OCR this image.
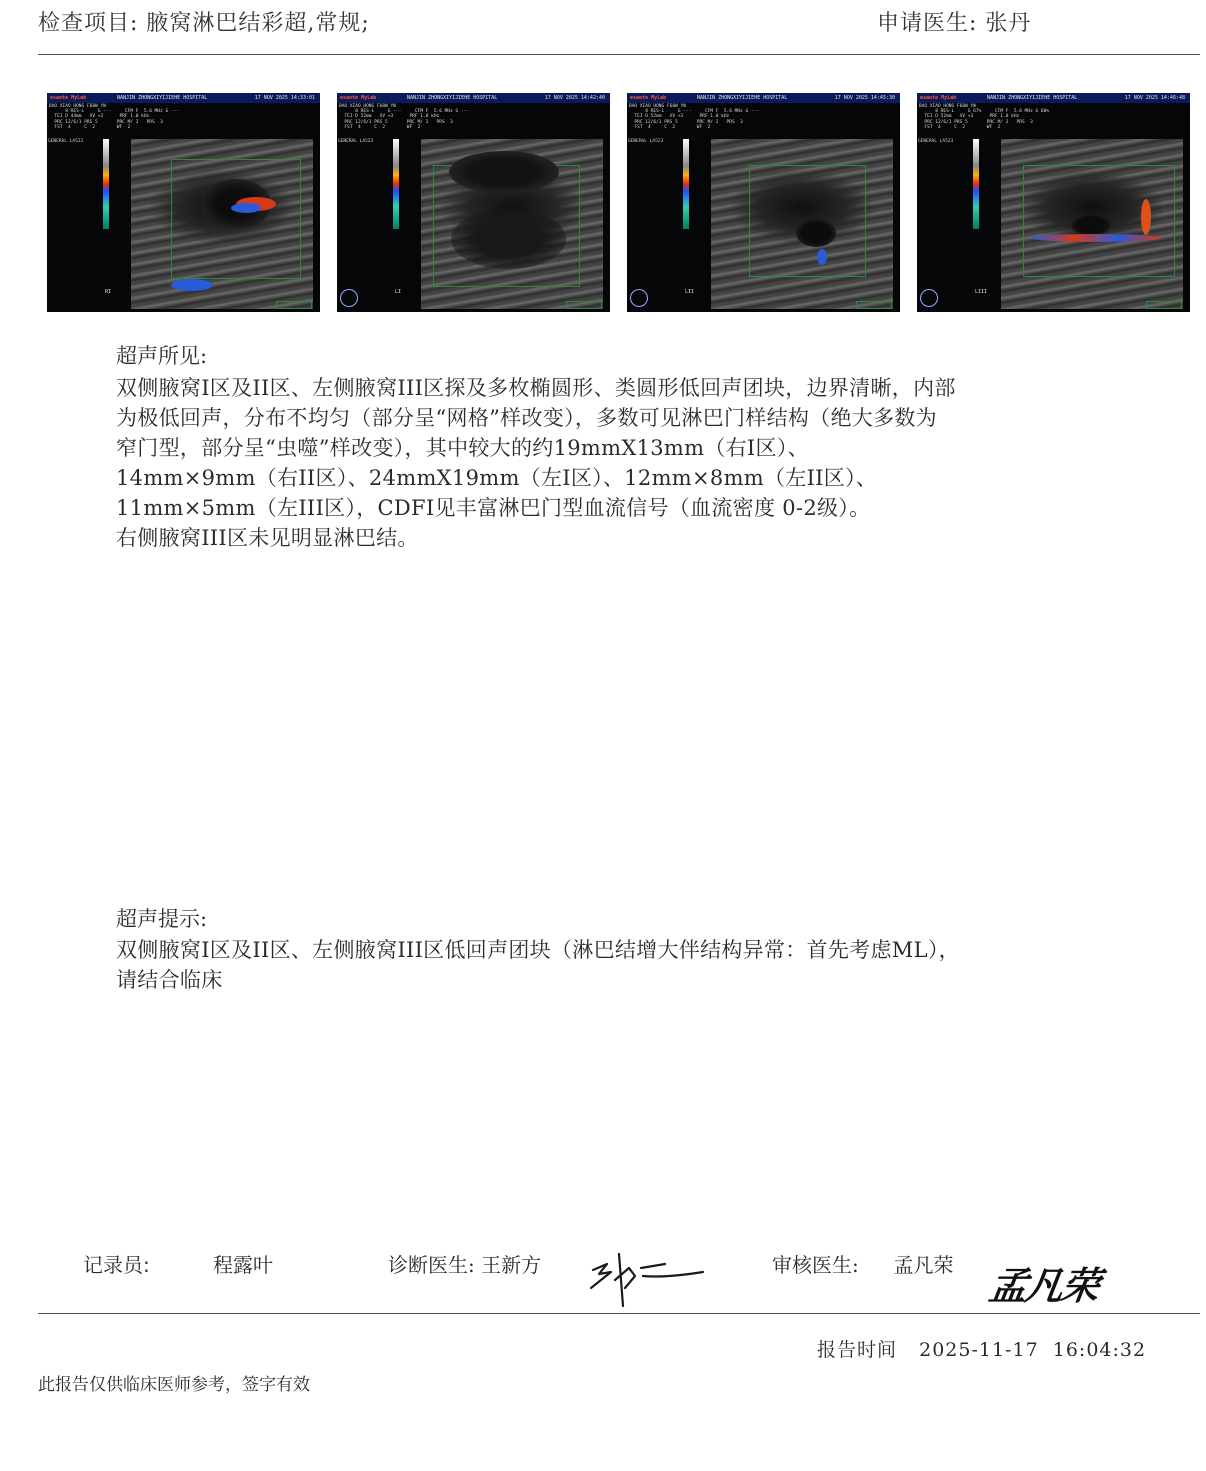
检查项目: 腋窝淋巴结彩超,常规;	申请医生: 张丹
esaote MyLab	NANJIN ZHONGXIYIJIEHE HOSPITAL	17 NOV 2025 14:33:01
BAO XIAO HONG F60W YW
8 RES-L     G ---     CFM F  5.6 MHz G ---
TEI D 44mm   XV +3      PRF 1.0 kHz
PRC 12/6/1 PRS 5       PRC M/ 2   PRS  3
FST  4     C  2        WF  2
GENERAL LA523
RI
esaote MyLab	NANJIN ZHONGXIYIJIEHE HOSPITAL	17 NOV 2025 14:42:40
BAO XIAO HONG F60W YW
8 RES-L     G ---     CFM F  5.6 MHz G ---
TEI D 52mm   XV +3      PRF 1.0 kHz
PRC 12/6/1 PRS 5       PRC M/ 2   PRS  3
FST  4     C  2        WF  2
GENERAL LA523
LI
esaote MyLab	NANJIN ZHONGXIYIJIEHE HOSPITAL	17 NOV 2025 14:45:30
BAO XIAO HONG F60W YW
8 RES-L     G ---     CFM F  5.6 MHz G ---
TEI D 52mm   XV +3      PRF 1.0 kHz
PRC 12/6/1 PRS 5       PRC M/ 2   PRS  3
FST  4     C  2        WF  2
GENERAL LA523
LII
esaote MyLab	NANJIN ZHONGXIYIJIEHE HOSPITAL	17 NOV 2025 14:46:48
BAO XIAO HONG F60W YW
8 RES-L     G 67%     CFM F  5.6 MHz G 60%
TEI D 52mm   XV +3      PRF 1.0 kHz
PRC 12/6/1 PRS 5       PRC M/ 2   PRS  3
FST  4     C  2        WF  2
GENERAL LA523
LIII
超声所见:
双侧腋窝I区及II区、左侧腋窝III区探及多枚椭圆形、类圆形低回声团块，边界清晰，内部
为极低回声，分布不均匀（部分呈“网格”样改变），多数可见淋巴门样结构（绝大多数为
窄门型，部分呈“虫噬”样改变），其中较大的约19mmX13mm（右I区）、
14mm×9mm（右II区）、24mmX19mm（左I区）、12mm×8mm（左II区）、
11mm×5mm（左III区），CDFI见丰富淋巴门型血流信号（血流密度 0-2级）。
右侧腋窝III区未见明显淋巴结。
超声提示:
双侧腋窝I区及II区、左侧腋窝III区低回声团块（淋巴结增大伴结构异常：首先考虑ML），
请结合临床
记录员:	程露叶	诊断医生: 王新方	审核医生: 孟凡荣 孟凡荣
报告时间 2025-11-17  16:04:32
此报告仅供临床医师参考，签字有效
